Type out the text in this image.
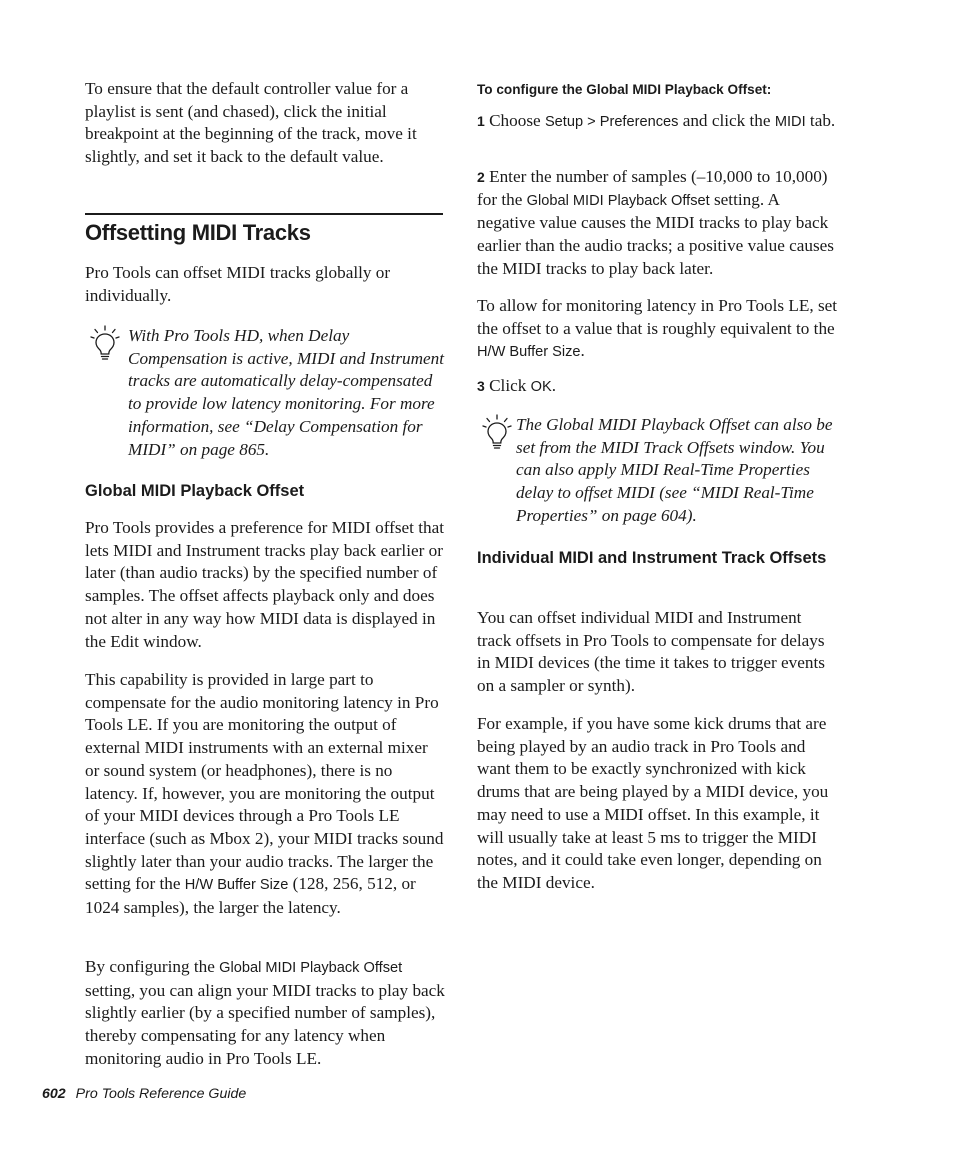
To ensure that the default controller value for a playlist is sent (and chased), click the initial breakpoint at the beginning of the track, move it slightly, and set it back to the default value.

Offsetting MIDI Tracks

Pro Tools can offset MIDI tracks globally or individually.

With Pro Tools HD, when Delay Compensation is active, MIDI and Instrument tracks are automatically delay-compensated to provide low latency monitoring. For more information, see “Delay Compensation for MIDI” on page 865.
Global MIDI Playback Offset

Pro Tools provides a preference for MIDI offset that lets MIDI and Instrument tracks play back earlier or later (than audio tracks) by the specified number of samples. The offset affects playback only and does not alter in any way how MIDI data is displayed in the Edit window.

This capability is provided in large part to compensate for the audio monitoring latency in Pro Tools LE. If you are monitoring the output of external MIDI instruments with an external mixer or sound system (or headphones), there is no latency. If, however, you are monitoring the output of your MIDI devices through a Pro Tools LE interface (such as Mbox 2), your MIDI tracks sound slightly later than your audio tracks. The larger the setting for the H/W Buffer Size (128, 256, 512, or 1024 samples), the larger the latency.

By configuring the Global MIDI Playback Offset setting, you can align your MIDI tracks to play back slightly earlier (by a specified number of samples), thereby compensating for any latency when monitoring audio in Pro Tools LE.

To configure the Global MIDI Playback Offset:

1 Choose Setup > Preferences and click the MIDI tab.

2 Enter the number of samples (–10,000 to 10,000) for the Global MIDI Playback Offset setting. A negative value causes the MIDI tracks to play back earlier than the audio tracks; a positive value causes the MIDI tracks to play back later.

To allow for monitoring latency in Pro Tools LE, set the offset to a value that is roughly equivalent to the H/W Buffer Size.

3 Click OK.

The Global MIDI Playback Offset can also be set from the MIDI Track Offsets window. You can also apply MIDI Real-Time Properties delay to offset MIDI (see “MIDI Real-Time Properties” on page 604).
Individual MIDI and Instrument Track Offsets

You can offset individual MIDI and Instrument track offsets in Pro Tools to compensate for delays in MIDI devices (the time it takes to trigger events on a sampler or synth).

For example, if you have some kick drums that are being played by an audio track in Pro Tools and want them to be exactly synchronized with kick drums that are being played by a MIDI device, you may need to use a MIDI offset. In this example, it will usually take at least 5 ms to trigger the MIDI notes, and it could take even longer, depending on the MIDI device.

602 Pro Tools Reference Guide
